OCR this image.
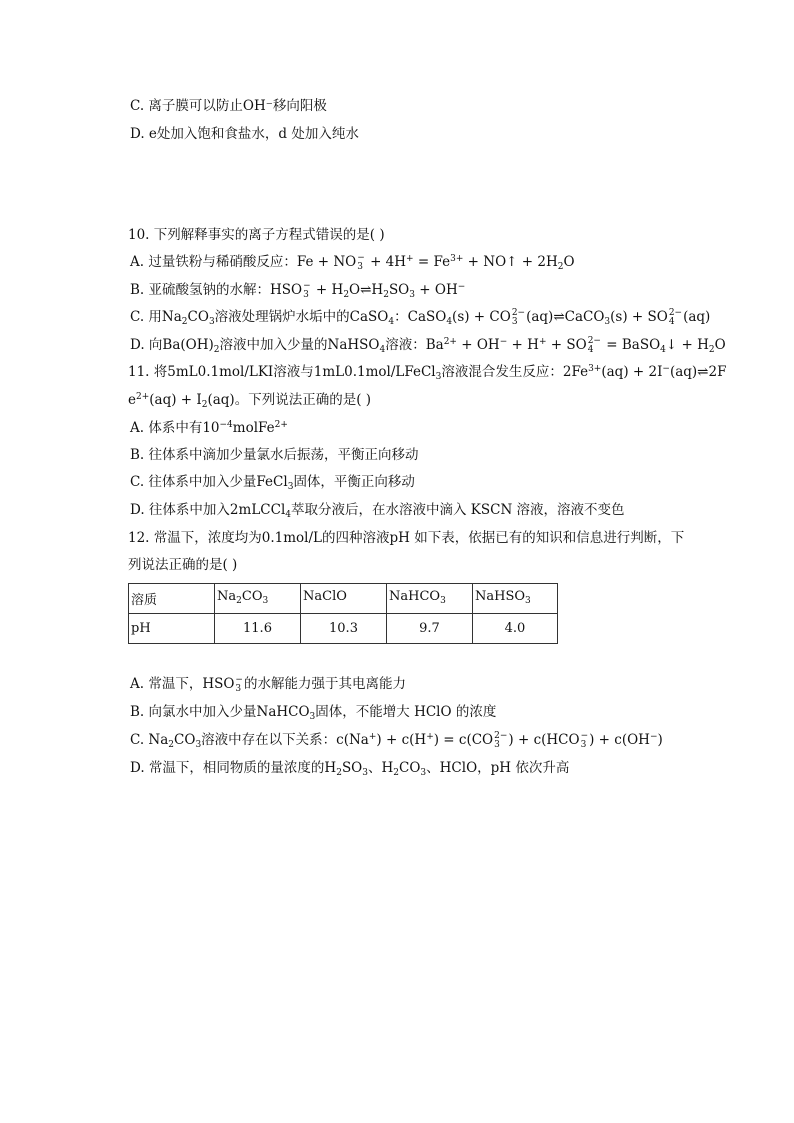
C. 离子膜可以防止OH⁻移向阳极
D. e处加入饱和食盐水，d 处加入纯水
10. 下列解释事实的离子方程式错误的是( )
A. 过量铁粉与稀硝酸反应：Fe + NO −
$3 + 4H^+ = Fe^{3+}$ + NO↑ + $2H_2O$
B. 亚硫酸氢钠的水解：HSO −
$3 + H_2O\rightleftharpoons H_2SO_3 + OH^-$
C. 用$Na_2CO_3$溶液处理锅炉水垢中的CaSO$_4$：CaSO$_4$(s) + CO 2−
3 (aq)⇌CaCO$_3$(s) + SO 2−
4 (aq)
D. 向$Ba(OH)_2$溶液中加入少量的NaHSO$_4$溶液：$Ba^{2+} + OH^- + H^+$ + SO 2−
4 = BaSO$_4$↓ + $H_2O$
11. 将5mL0.1mol/LKI溶液与1mL0.1mol/LFeCl$_3$溶液混合发生反应：$2Fe^{3+}(aq)$ + 2I−(aq)⇌2F
$e^{2+}(aq) + I_2(aq)$。下列说法正确的是( )
A. 体系中有$10^{-4}molFe^{2+}$
B. 往体系中滴加少量氯水后振荡，平衡正向移动
C. 往体系中加入少量FeCl$_3$固体，平衡正向移动
D. 往体系中加入2mLCCl$_4$萃取分液后，在水溶液中滴入 KSCN 溶液，溶液不变色
12. 常温下，浓度均为0.1mol/L的四种溶液pH 如下表，依据已有的知识和信息进行判断，下
列说法正确的是( )
溶质	$Na_2CO_3$	NaClO	NaHCO$_3$	NaHSO$_3$

pH	11.6	10.3	9.7	4.0
A. 常温下，HSO −
3 的水解能力强于其电离能力
B. 向氯水中加入少量NaHCO$_3$固体，不能增大 HClO 的浓度
C. $Na_2CO_3$溶液中存在以下关系：c(Na+) + c(H+) = c(CO 2−
3 ) + c(HCO −
3 ) + c(OH−)
D. 常温下，相同物质的量浓度的$H_2SO_3$、$H_2CO_3$、HClO，pH 依次升高
